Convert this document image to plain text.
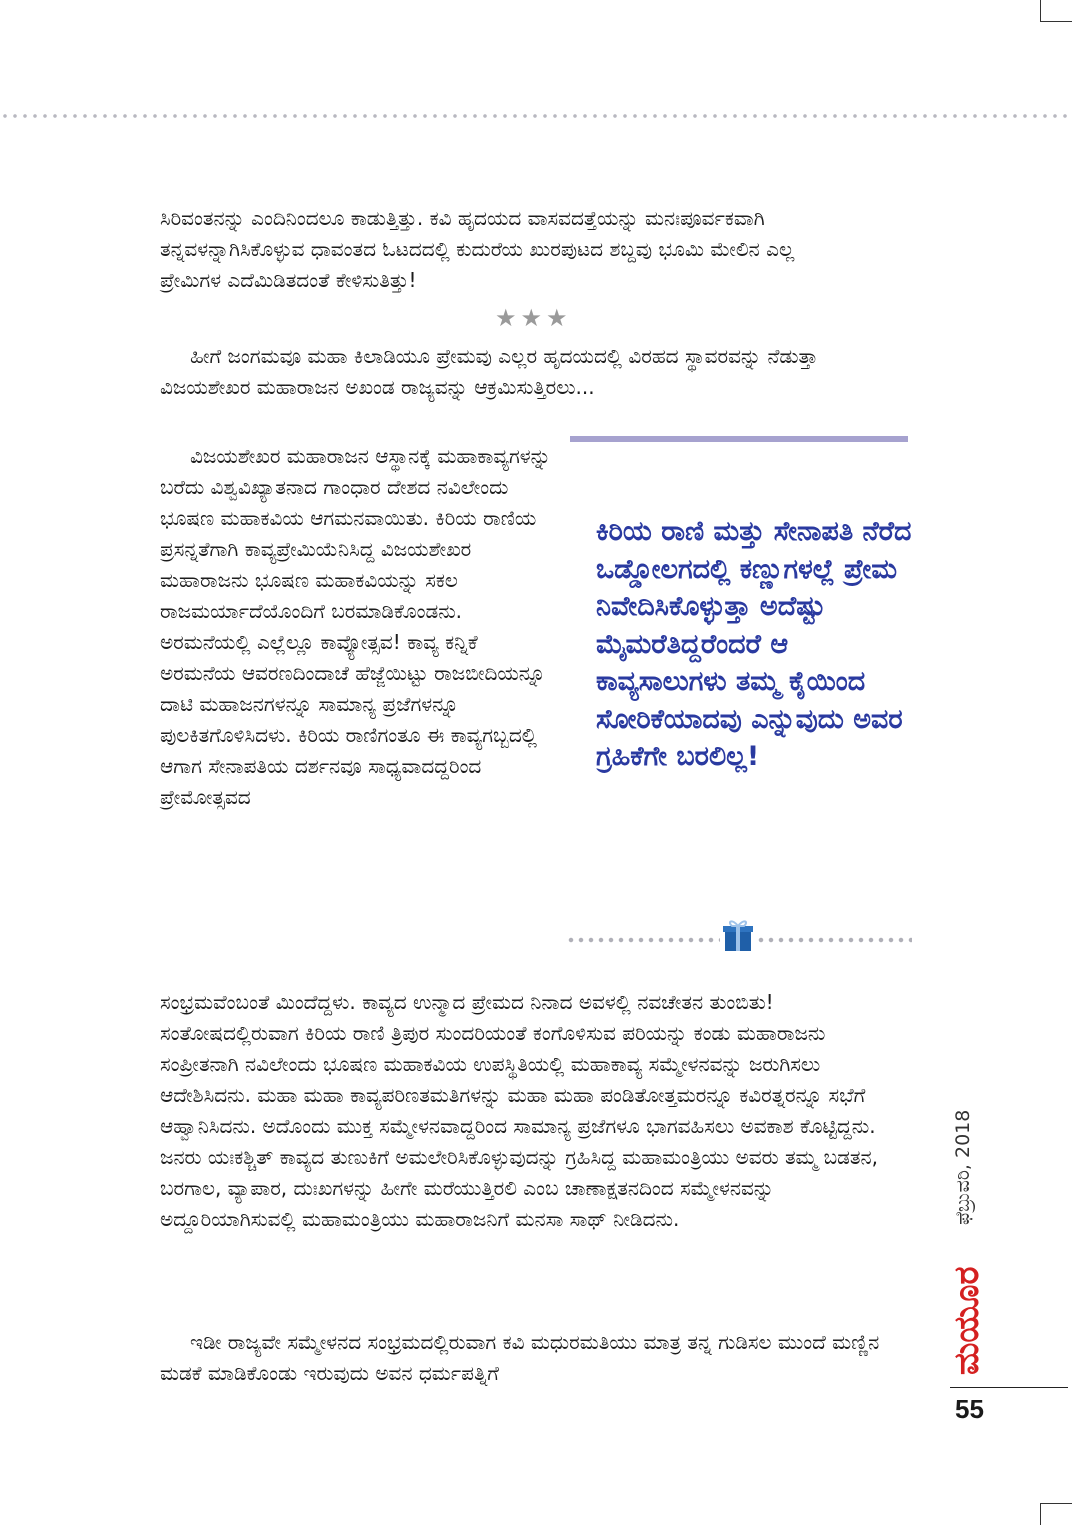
ಸಿರಿವಂತನನ್ನು ಎಂದಿನಿಂದಲೂ ಕಾಡುತ್ತಿತ್ತು. ಕವಿ ಹೃದಯದ ವಾಸವದತ್ತೆಯನ್ನು ಮನಃಪೂರ್ವಕವಾಗಿ ತನ್ನವಳನ್ನಾಗಿಸಿಕೊಳ್ಳುವ ಧಾವಂತದ ಓಟದದಲ್ಲಿ ಕುದುರೆಯ ಖುರಪುಟದ ಶಬ್ದವು ಭೂಮಿ ಮೇಲಿನ ಎಲ್ಲ ಪ್ರೇಮಿಗಳ ಎದೆಮಿಡಿತದಂತೆ ಕೇಳಿಸುತಿತ್ತು!

★★★

ಹೀಗೆ ಜಂಗಮವೂ ಮಹಾ ಕಿಲಾಡಿಯೂ ಪ್ರೇಮವು ಎಲ್ಲರ ಹೃದಯದಲ್ಲಿ ವಿರಹದ ಸ್ಥಾವರವನ್ನು ನೆಡುತ್ತಾ ವಿಜಯಶೇಖರ ಮಹಾರಾಜನ ಅಖಂಡ ರಾಜ್ಯವನ್ನು ಆಕ್ರಮಿಸುತ್ತಿರಲು...

ವಿಜಯಶೇಖರ ಮಹಾರಾಜನ ಆಸ್ಥಾನಕ್ಕೆ ಮಹಾಕಾವ್ಯಗಳನ್ನು ಬರೆದು ವಿಶ್ವವಿಖ್ಯಾತನಾದ ಗಾಂಧಾರ ದೇಶದ ನವಿಲೇಂದು ಭೂಷಣ ಮಹಾಕವಿಯ ಆಗಮನವಾಯಿತು. ಕಿರಿಯ ರಾಣಿಯ ಪ್ರಸನ್ನತೆಗಾಗಿ ಕಾವ್ಯಪ್ರೇಮಿಯೆನಿಸಿದ್ದ ವಿಜಯಶೇಖರ ಮಹಾರಾಜನು ಭೂಷಣ ಮಹಾಕವಿಯನ್ನು ಸಕಲ ರಾಜಮರ್ಯಾದೆಯೊಂದಿಗೆ ಬರಮಾಡಿಕೊಂಡನು. ಅರಮನೆಯಲ್ಲಿ ಎಲ್ಲೆಲ್ಲೂ ಕಾವ್ಯೋತ್ಸವ! ಕಾವ್ಯ ಕನ್ನಿಕೆ ಅರಮನೆಯ ಆವರಣದಿಂದಾಚೆ ಹೆಜ್ಜೆಯಿಟ್ಟು ರಾಜಬೀದಿಯನ್ನೂ ದಾಟಿ ಮಹಾಜನಗಳನ್ನೂ ಸಾಮಾನ್ಯ ಪ್ರಜೆಗಳನ್ನೂ ಪುಲಕಿತಗೊಳಿಸಿದಳು. ಕಿರಿಯ ರಾಣಿಗಂತೂ ಈ ಕಾವ್ಯಗಬ್ಬದಲ್ಲಿ ಆಗಾಗ ಸೇನಾಪತಿಯ ದರ್ಶನವೂ ಸಾಧ್ಯವಾದದ್ದರಿಂದ ಪ್ರೇಮೋತ್ಸವದ

ಕಿರಿಯ ರಾಣಿ ಮತ್ತು ಸೇನಾಪತಿ ನೆರೆದ ಒಡ್ಡೋಲಗದಲ್ಲಿ ಕಣ್ಣುಗಳಲ್ಲೆ ಪ್ರೇಮ ನಿವೇದಿಸಿಕೊಳ್ಳುತ್ತಾ ಅದೆಷ್ಟು ಮೈಮರೆತಿದ್ದರೆಂದರೆ ಆ ಕಾವ್ಯಸಾಲುಗಳು ತಮ್ಮ ಕೈಯಿಂದ ಸೋರಿಕೆಯಾದವು ಎನ್ನುವುದು ಅವರ ಗ್ರಹಿಕೆಗೇ ಬರಲಿಲ್ಲ!

ಸಂಭ್ರಮವೆಂಬಂತೆ ಮಿಂದೆದ್ದಳು. ಕಾವ್ಯದ ಉನ್ಮಾದ ಪ್ರೇಮದ ನಿನಾದ ಅವಳಲ್ಲಿ ನವಚೇತನ ತುಂಬಿತು! ಸಂತೋಷದಲ್ಲಿರುವಾಗ ಕಿರಿಯ ರಾಣಿ ತ್ರಿಪುರ ಸುಂದರಿಯಂತೆ ಕಂಗೊಳಿಸುವ ಪರಿಯನ್ನು ಕಂಡು ಮಹಾರಾಜನು ಸಂಪ್ರೀತನಾಗಿ ನವಿಲೇಂದು ಭೂಷಣ ಮಹಾಕವಿಯ ಉಪಸ್ಥಿತಿಯಲ್ಲಿ ಮಹಾಕಾವ್ಯ ಸಮ್ಮೇಳನವನ್ನು ಜರುಗಿಸಲು ಆದೇಶಿಸಿದನು. ಮಹಾ ಮಹಾ ಕಾವ್ಯಪರಿಣತಮತಿಗಳನ್ನು ಮಹಾ ಮಹಾ ಪಂಡಿತೋತ್ತಮರನ್ನೂ ಕವಿರತ್ನರನ್ನೂ ಸಭೆಗೆ ಆಹ್ವಾನಿಸಿದನು. ಅದೊಂದು ಮುಕ್ತ ಸಮ್ಮೇಳನವಾದ್ದರಿಂದ ಸಾಮಾನ್ಯ ಪ್ರಜೆಗಳೂ ಭಾಗವಹಿಸಲು ಅವಕಾಶ ಕೊಟ್ಟಿದ್ದನು. ಜನರು ಯಃಕಶ್ಚಿತ್ ಕಾವ್ಯದ ತುಣುಕಿಗೆ ಅಮಲೇರಿಸಿಕೊಳ್ಳುವುದನ್ನು ಗ್ರಹಿಸಿದ್ದ ಮಹಾಮಂತ್ರಿಯು ಅವರು ತಮ್ಮ ಬಡತನ, ಬರಗಾಲ, ವ್ಯಾಪಾರ, ದುಃಖಗಳನ್ನು ಹೀಗೇ ಮರೆಯುತ್ತಿರಲಿ ಎಂಬ ಚಾಣಾಕ್ಷತನದಿಂದ ಸಮ್ಮೇಳನವನ್ನು ಅದ್ದೂರಿಯಾಗಿಸುವಲ್ಲಿ ಮಹಾಮಂತ್ರಿಯು ಮಹಾರಾಜನಿಗೆ ಮನಸಾ ಸಾಥ್ ನೀಡಿದನು.

ಇಡೀ ರಾಜ್ಯವೇ ಸಮ್ಮೇಳನದ ಸಂಭ್ರಮದಲ್ಲಿರುವಾಗ ಕವಿ ಮಧುರಮತಿಯು ಮಾತ್ರ ತನ್ನ ಗುಡಿಸಲ ಮುಂದೆ ಮಣ್ಣಿನ ಮಡಕೆ ಮಾಡಿಕೊಂಡು ಇರುವುದು ಅವನ ಧರ್ಮಪತ್ನಿಗೆ

ಫೆಬ್ರುವರಿ, 2018
ಮಯೂರ
55
